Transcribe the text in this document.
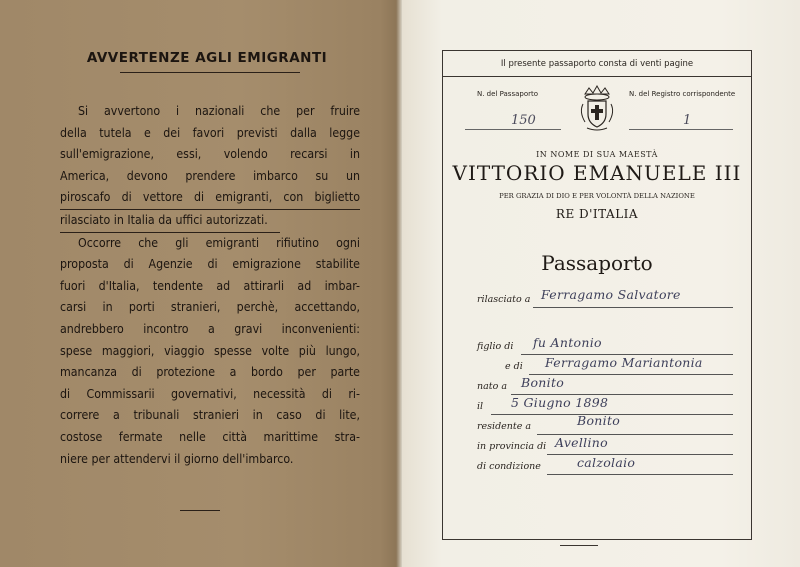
AVVERTENZE AGLI EMIGRANTI
Si avvertono i nazionali che per fruire
della tutela e dei favori previsti dalla legge
sull'emigrazione, essi, volendo recarsi in
America, devono prendere imbarco su un
piroscafo di vettore di emigranti, con biglietto
rilasciato in Italia da uffici autorizzati.
Occorre che gli emigranti rifiutino ogni
proposta di Agenzie di emigrazione stabilite
fuori d'Italia, tendente ad attirarli ad imbar-
carsi in porti stranieri, perchè, accettando,
andrebbero incontro a gravi inconvenienti:
spese maggiori, viaggio spesse volte più lungo,
mancanza di protezione a bordo per parte
di Commissarii governativi, necessità di ri-
correre a tribunali stranieri in caso di lite,
costose fermate nelle città marittime stra-
niere per attendervi il giorno dell'imbarco.
Il presente passaporto consta di venti pagine
N. del Passaporto
150
N. del Registro corrispondente
1
IN NOME DI SUA MAESTÀ
VITTORIO EMANUELE III
PER GRAZIA DI DIO E PER VOLONTÀ DELLA NAZIONE
RE D'ITALIA
Passaporto
rilasciato a Ferragamo Salvatore
figlio di fu Antonio
e di Ferragamo Mariantonia
nato a Bonito
il 5 Giugno 1898
residente a	Bonito
in provincia di Avellino
di condizione	calzolaio
